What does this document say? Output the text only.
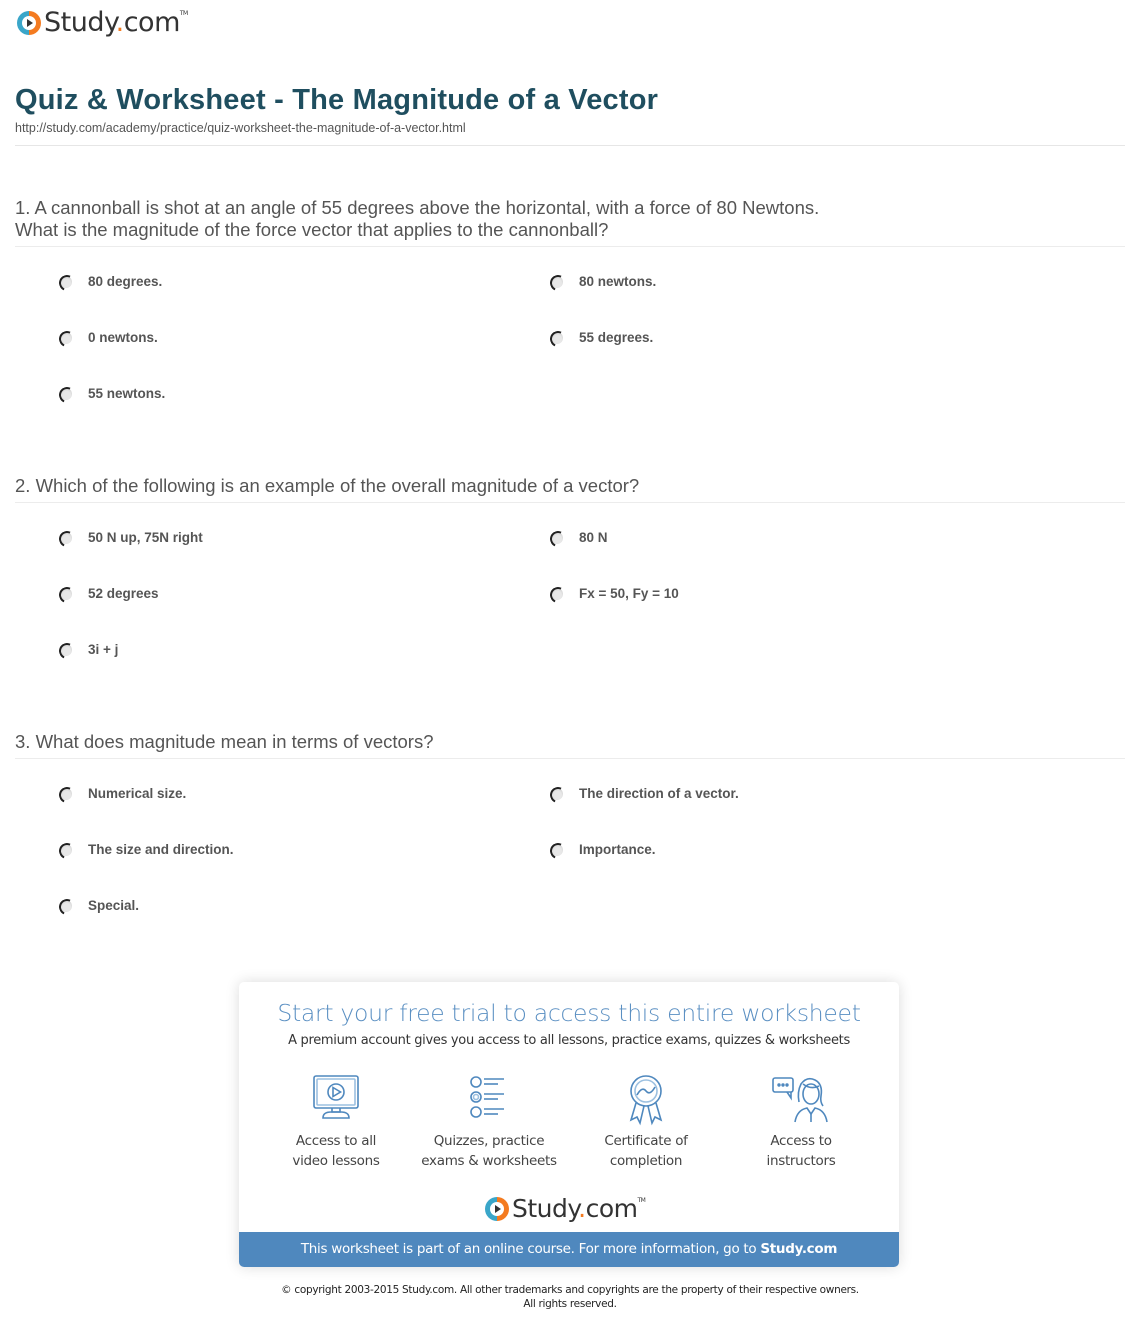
Study.com™
Quiz & Worksheet - The Magnitude of a Vector
http://study.com/academy/practice/quiz-worksheet-the-magnitude-of-a-vector.html
1. A cannonball is shot at an angle of 55 degrees above the horizontal, with a force of 80 Newtons.
What is the magnitude of the force vector that applies to the cannonball?
80 degrees.	80 newtons.
0 newtons.	55 degrees.
55 newtons.
2. Which of the following is an example of the overall magnitude of a vector?
50 N up, 75N right	80 N
52 degrees	Fx = 50, Fy = 10
3i + j
3. What does magnitude mean in terms of vectors?
Numerical size.	The direction of a vector.
The size and direction.	Importance.
Special.
Start your free trial to access this entire worksheet
A premium account gives you access to all lessons, practice exams, quizzes & worksheets
Access to all
video lessons
Quizzes, practice
exams & worksheets
Certificate of
completion
Access to
instructors
Study.com™
This worksheet is part of an online course. For more information, go to Study.com
© copyright 2003-2015 Study.com. All other trademarks and copyrights are the property of their respective owners.
All rights reserved.
